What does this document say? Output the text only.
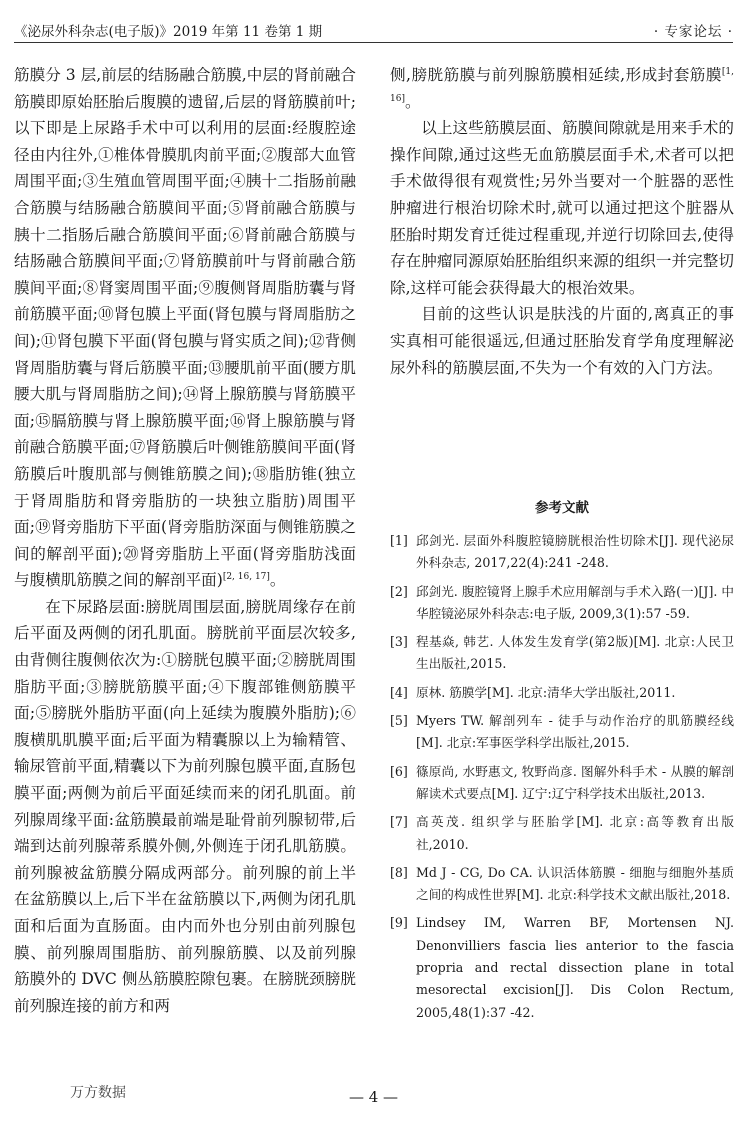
《泌尿外科杂志(电子版)》2019 年第 11 卷第 1 期	· 专家论坛 ·

筋膜分 3 层,前层的结肠融合筋膜,中层的肾前融合筋膜即原始胚胎后腹膜的遗留,后层的肾筋膜前叶;以下即是上尿路手术中可以利用的层面:经腹腔途径由内往外,①椎体骨膜肌肉前平面;②腹部大血管周围平面;③生殖血管周围平面;④胰十二指肠前融合筋膜与结肠融合筋膜间平面;⑤肾前融合筋膜与胰十二指肠后融合筋膜间平面;⑥肾前融合筋膜与结肠融合筋膜间平面;⑦肾筋膜前叶与肾前融合筋膜间平面;⑧肾窦周围平面;⑨腹侧肾周脂肪囊与肾前筋膜平面;⑩肾包膜上平面(肾包膜与肾周脂肪之间);⑪肾包膜下平面(肾包膜与肾实质之间);⑫背侧肾周脂肪囊与肾后筋膜平面;⑬腰肌前平面(腰方肌腰大肌与肾周脂肪之间);⑭肾上腺筋膜与肾筋膜平面;⑮膈筋膜与肾上腺筋膜平面;⑯肾上腺筋膜与肾前融合筋膜平面;⑰肾筋膜后叶侧锥筋膜间平面(肾筋膜后叶腹肌部与侧锥筋膜之间);⑱脂肪锥(独立于肾周脂肪和肾旁脂肪的一块独立脂肪)周围平面;⑲肾旁脂肪下平面(肾旁脂肪深面与侧锥筋膜之间的解剖平面);⑳肾旁脂肪上平面(肾旁脂肪浅面与腹横肌筋膜之间的解剖平面)[2, 16, 17]。

在下尿路层面:膀胱周围层面,膀胱周缘存在前后平面及两侧的闭孔肌面。膀胱前平面层次较多,由背侧往腹侧依次为:①膀胱包膜平面;②膀胱周围脂肪平面;③膀胱筋膜平面;④下腹部锥侧筋膜平面;⑤膀胱外脂肪平面(向上延续为腹膜外脂肪);⑥腹横肌肌膜平面;后平面为精囊腺以上为输精管、输尿管前平面,精囊以下为前列腺包膜平面,直肠包膜平面;两侧为前后平面延续而来的闭孔肌面。前列腺周缘平面:盆筋膜最前端是耻骨前列腺韧带,后端到达前列腺蒂系膜外侧,外侧连于闭孔肌筋膜。前列腺被盆筋膜分隔成两部分。前列腺的前上半在盆筋膜以上,后下半在盆筋膜以下,两侧为闭孔肌面和后面为直肠面。由内而外也分别由前列腺包膜、前列腺周围脂肪、前列腺筋膜、以及前列腺筋膜外的 DVC 侧丛筋膜腔隙包裹。在膀胱颈膀胱前列腺连接的前方和两

侧,膀胱筋膜与前列腺筋膜相延续,形成封套筋膜[1, 16]。

以上这些筋膜层面、筋膜间隙就是用来手术的操作间隙,通过这些无血筋膜层面手术,术者可以把手术做得很有观赏性;另外当要对一个脏器的恶性肿瘤进行根治切除术时,就可以通过把这个脏器从胚胎时期发育迁徙过程重现,并逆行切除回去,使得存在肿瘤同源原始胚胎组织来源的组织一并完整切除,这样可能会获得最大的根治效果。

目前的这些认识是肤浅的片面的,离真正的事实真相可能很遥远,但通过胚胎发育学角度理解泌尿外科的筋膜层面,不失为一个有效的入门方法。

参考文献
[1] 邱剑光. 层面外科腹腔镜膀胱根治性切除术[J]. 现代泌尿外科杂志, 2017,22(4):241 -248.
[2] 邱剑光. 腹腔镜肾上腺手术应用解剖与手术入路(一)[J]. 中华腔镜泌尿外科杂志:电子版, 2009,3(1):57 -59.
[3] 程基焱, 韩艺. 人体发生发育学(第2版)[M]. 北京:人民卫生出版社,2015.
[4] 原林. 筋膜学[M]. 北京:清华大学出版社,2011.
[5] Myers TW. 解剖列车 - 徒手与动作治疗的肌筋膜经线[M]. 北京:军事医学科学出版社,2015.
[6] 篠原尚, 水野惠文, 牧野尚彦. 图解外科手术 - 从膜的解剖解读术式要点[M]. 辽宁:辽宁科学技术出版社,2013.
[7] 高英茂. 组织学与胚胎学[M]. 北京:高等教育出版社,2010.
[8] Md J - CG, Do CA. 认识活体筋膜 - 细胞与细胞外基质之间的构成性世界[M]. 北京:科学技术文献出版社,2018.
[9] Lindsey IM, Warren BF, Mortensen NJ. Denonvilliers fascia lies anterior to the fascia propria and rectal dissection plane in total mesorectal excision[J]. Dis Colon Rectum, 2005,48(1):37 -42.
万方数据	— 4 —
